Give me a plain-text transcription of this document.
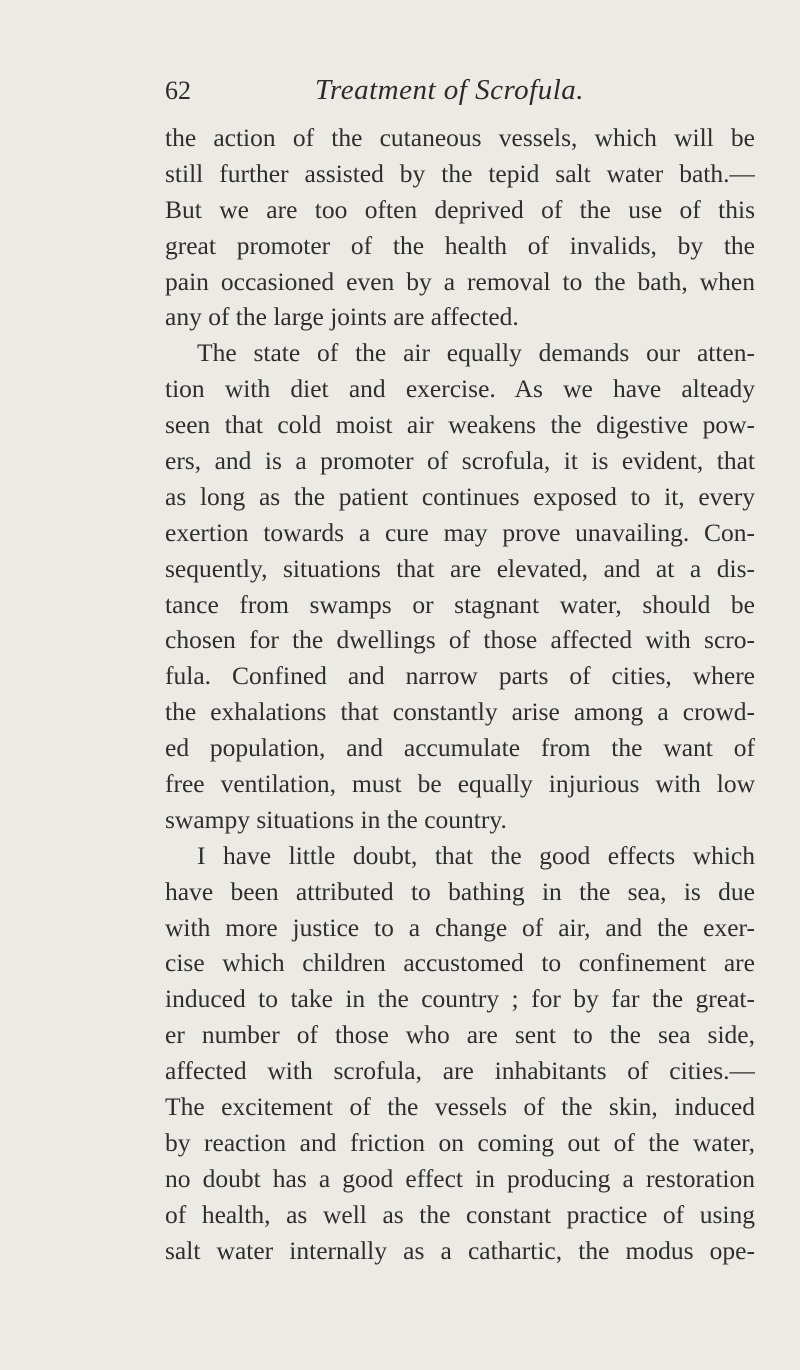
62	Treatment of Scrofula.
the action of the cutaneous vessels, which will be
still further assisted by the tepid salt water bath.—
But we are too often deprived of the use of this
great promoter of the health of invalids, by the
pain occasioned even by a removal to the bath, when
any of the large joints are affected.
The state of the air equally demands our atten-
tion with diet and exercise. As we have alteady
seen that cold moist air weakens the digestive pow-
ers, and is a promoter of scrofula, it is evident, that
as long as the patient continues exposed to it, every
exertion towards a cure may prove unavailing. Con-
sequently, situations that are elevated, and at a dis-
tance from swamps or stagnant water, should be
chosen for the dwellings of those affected with scro-
fula. Confined and narrow parts of cities, where
the exhalations that constantly arise among a crowd-
ed population, and accumulate from the want of
free ventilation, must be equally injurious with low
swampy situations in the country.
I have little doubt, that the good effects which
have been attributed to bathing in the sea, is due
with more justice to a change of air, and the exer-
cise which children accustomed to confinement are
induced to take in the country ; for by far the great-
er number of those who are sent to the sea side,
affected with scrofula, are inhabitants of cities.—
The excitement of the vessels of the skin, induced
by reaction and friction on coming out of the water,
no doubt has a good effect in producing a restoration
of health, as well as the constant practice of using
salt water internally as a cathartic, the modus ope-
